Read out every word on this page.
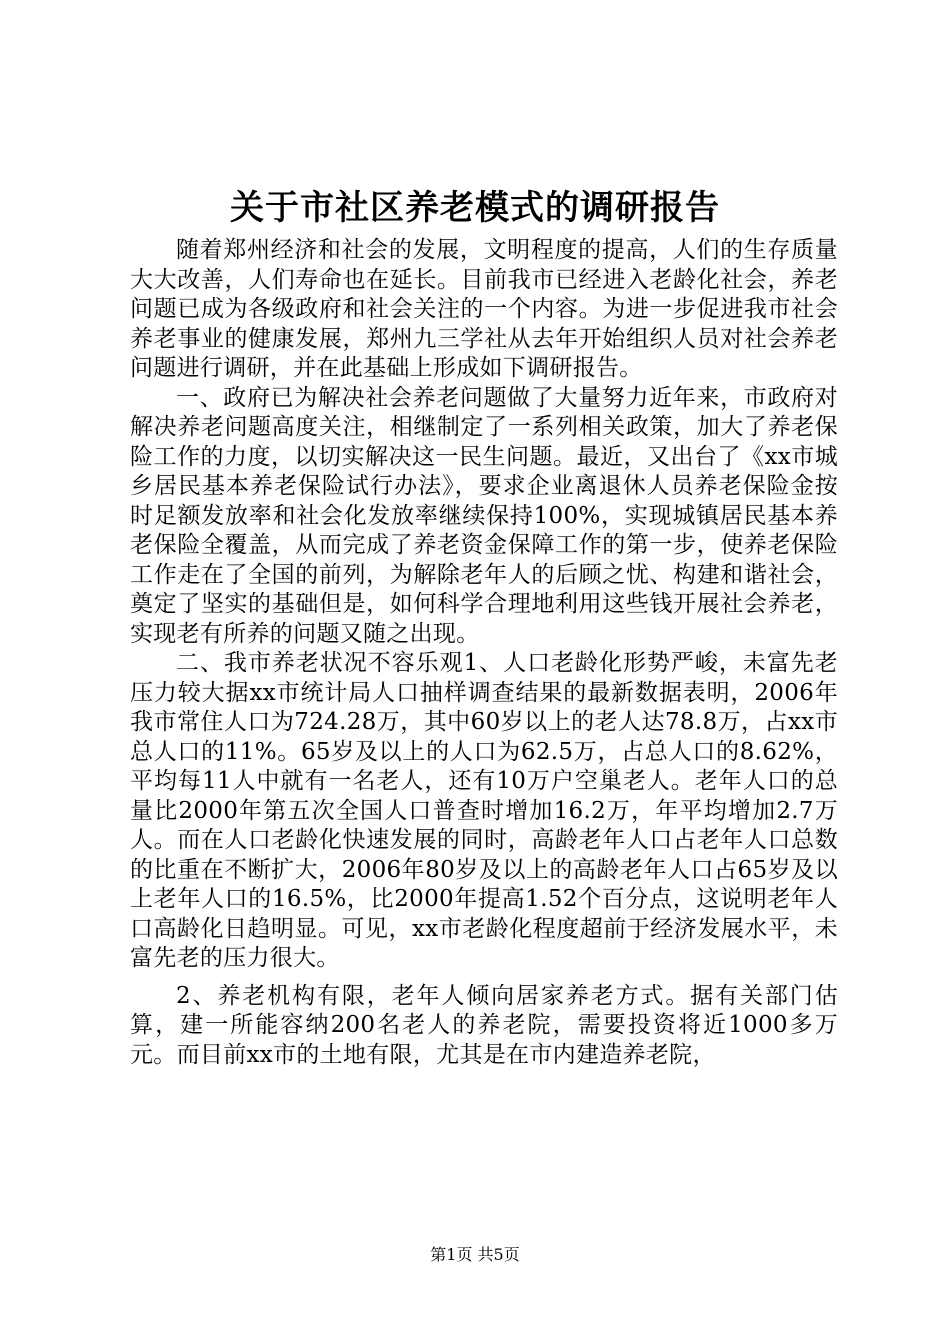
关于市社区养老模式的调研报告

随着郑州经济和社会的发展，文明程度的提高，人们的生存质量大大改善，人们寿命也在延长。目前我市已经进入老龄化社会，养老问题已成为各级政府和社会关注的一个内容。为进一步促进我市社会养老事业的健康发展，郑州九三学社从去年开始组织人员对社会养老问题进行调研，并在此基础上形成如下调研报告。

一、政府已为解决社会养老问题做了大量努力近年来，市政府对解决养老问题高度关注，相继制定了一系列相关政策，加大了养老保险工作的力度，以切实解决这一民生问题。最近，又出台了《xx市城乡居民基本养老保险试行办法》，要求企业离退休人员养老保险金按时足额发放率和社会化发放率继续保持100%，实现城镇居民基本养老保险全覆盖，从而完成了养老资金保障工作的第一步，使养老保险工作走在了全国的前列，为解除老年人的后顾之忧、构建和谐社会，奠定了坚实的基础但是，如何科学合理地利用这些钱开展社会养老，实现老有所养的问题又随之出现。

二、我市养老状况不容乐观1、人口老龄化形势严峻，未富先老压力较大据xx市统计局人口抽样调查结果的最新数据表明，2006年我市常住人口为724.28万，其中60岁以上的老人达78.8万，占xx市总人口的11%。65岁及以上的人口为62.5万，占总人口的8.62%，平均每11人中就有一名老人，还有10万户空巢老人。老年人口的总量比2000年第五次全国人口普查时增加16.2万，年平均增加2.7万人。而在人口老龄化快速发展的同时，高龄老年人口占老年人口总数的比重在不断扩大，2006年80岁及以上的高龄老年人口占65岁及以上老年人口的16.5%，比2000年提高1.52个百分点，这说明老年人口高龄化日趋明显。可见，xx市老龄化程度超前于经济发展水平，未富先老的压力很大。

2、养老机构有限，老年人倾向居家养老方式。据有关部门估算，建一所能容纳200名老人的养老院，需要投资将近1000多万元。而目前xx市的土地有限，尤其是在市内建造养老院，

第1页 共5页
